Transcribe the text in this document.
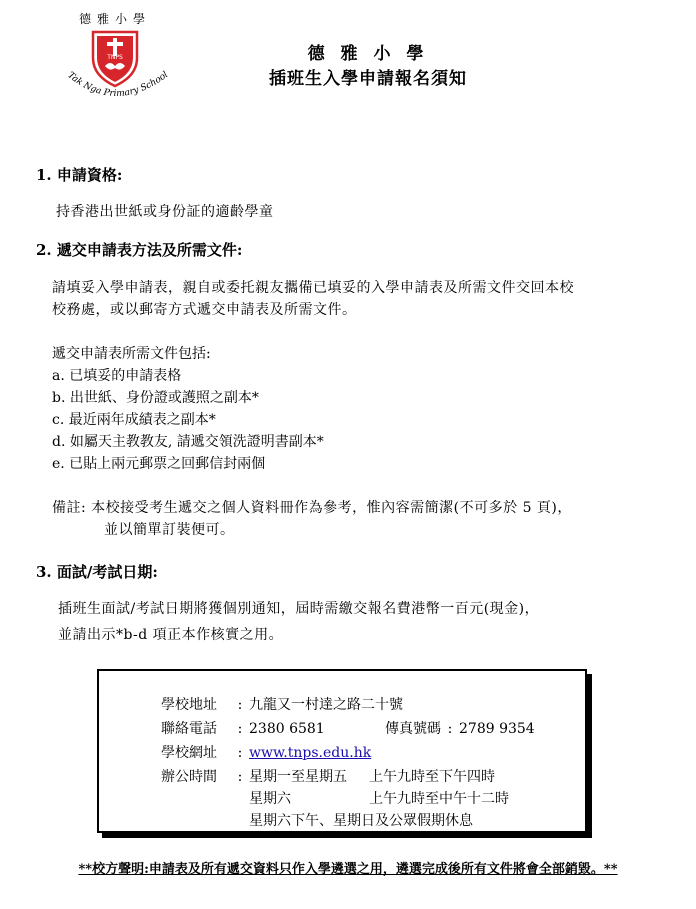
德雅小學
TNPS
Tak Nga Primary School
德 雅 小 學
插班生入學申請報名須知
1. 申請資格:
持香港出世紙或身份証的適齡學童
2. 遞交申請表方法及所需文件:
請填妥入學申請表，親自或委托親友攜備已填妥的入學申請表及所需文件交回本校
校務處，或以郵寄方式遞交申請表及所需文件。
遞交申請表所需文件包括:
a. 已填妥的申請表格
b. 出世紙、身份證或護照之副本*
c. 最近兩年成績表之副本*
d. 如屬天主教教友, 請遞交領洗證明書副本*
e. 已貼上兩元郵票之回郵信封兩個
備註: 本校接受考生遞交之個人資料冊作為參考，惟內容需簡潔(不可多於 5 頁)，
並以簡單訂裝便可。
3. 面試/考試日期:
插班生面試/考試日期將獲個別通知，屆時需繳交報名費港幣一百元(現金)，
並請出示*b-d 項正本作核實之用。
學校地址 : 九龍又一村達之路二十號
聯絡電話 : 2380 6581	傳真號碼 : 2789 9354
學校網址 : www.tnps.edu.hk
辦公時間 : 星期一至星期五 上午九時至下午四時
星期六	上午九時至中午十二時
星期六下午、星期日及公眾假期休息
**校方聲明:申請表及所有遞交資料只作入學遴選之用，遴選完成後所有文件將會全部銷毀。**
